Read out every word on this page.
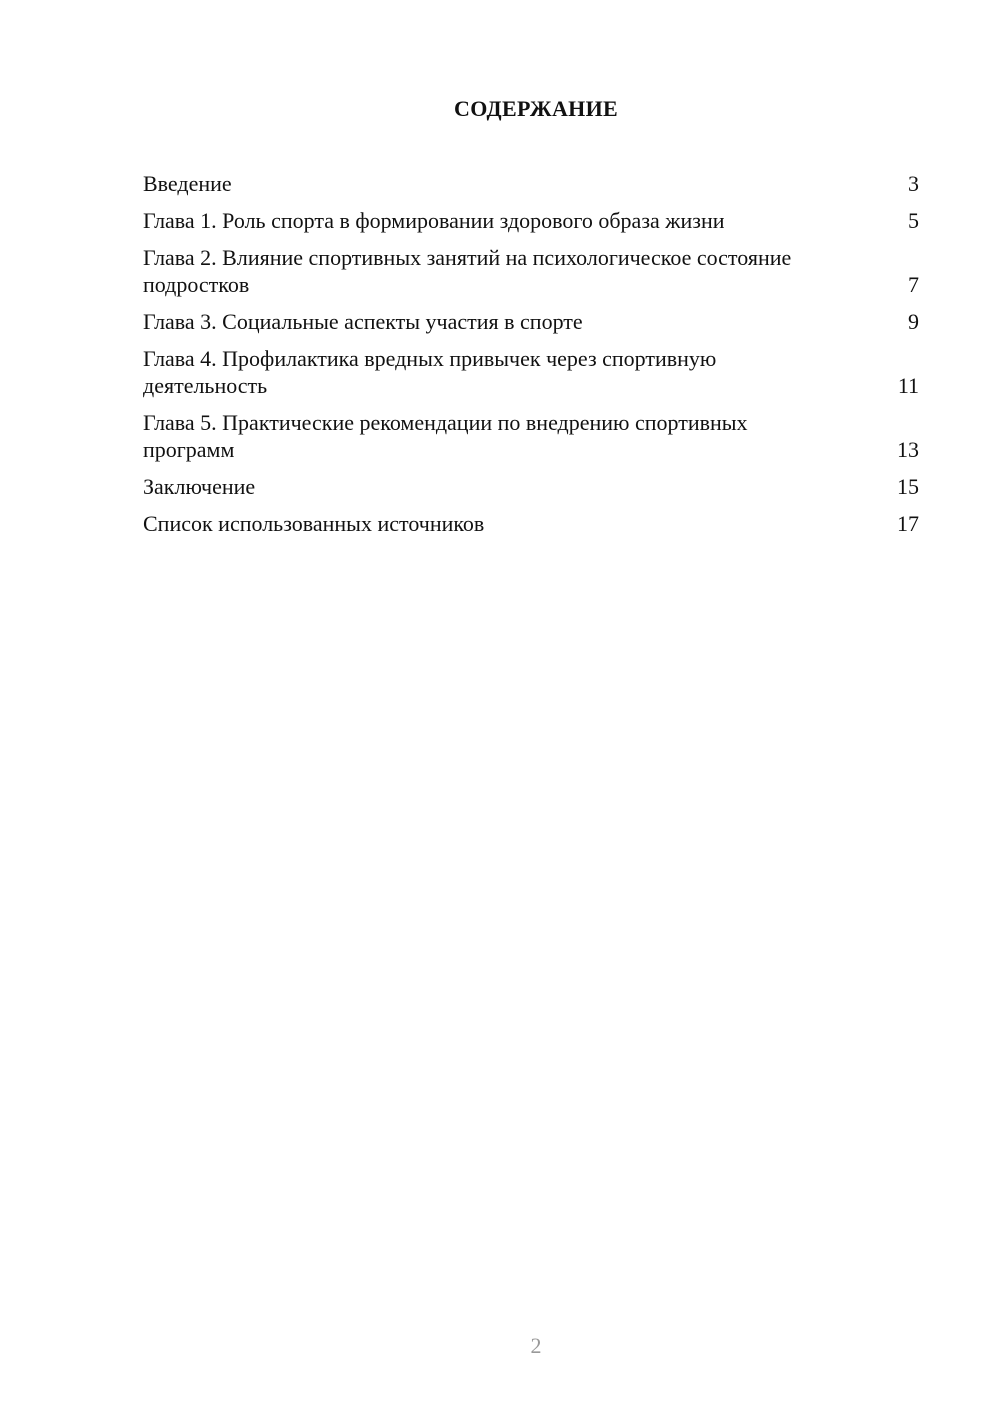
СОДЕРЖАНИЕ
Введение	3
Глава 1. Роль спорта в формировании здорового образа жизни	5
Глава 2. Влияние спортивных занятий на психологическое состояние подростков	7
Глава 3. Социальные аспекты участия в спорте	9
Глава 4. Профилактика вредных привычек через спортивную деятельность	11
Глава 5. Практические рекомендации по внедрению спортивных программ	13
Заключение	15
Список использованных источников	17
2
